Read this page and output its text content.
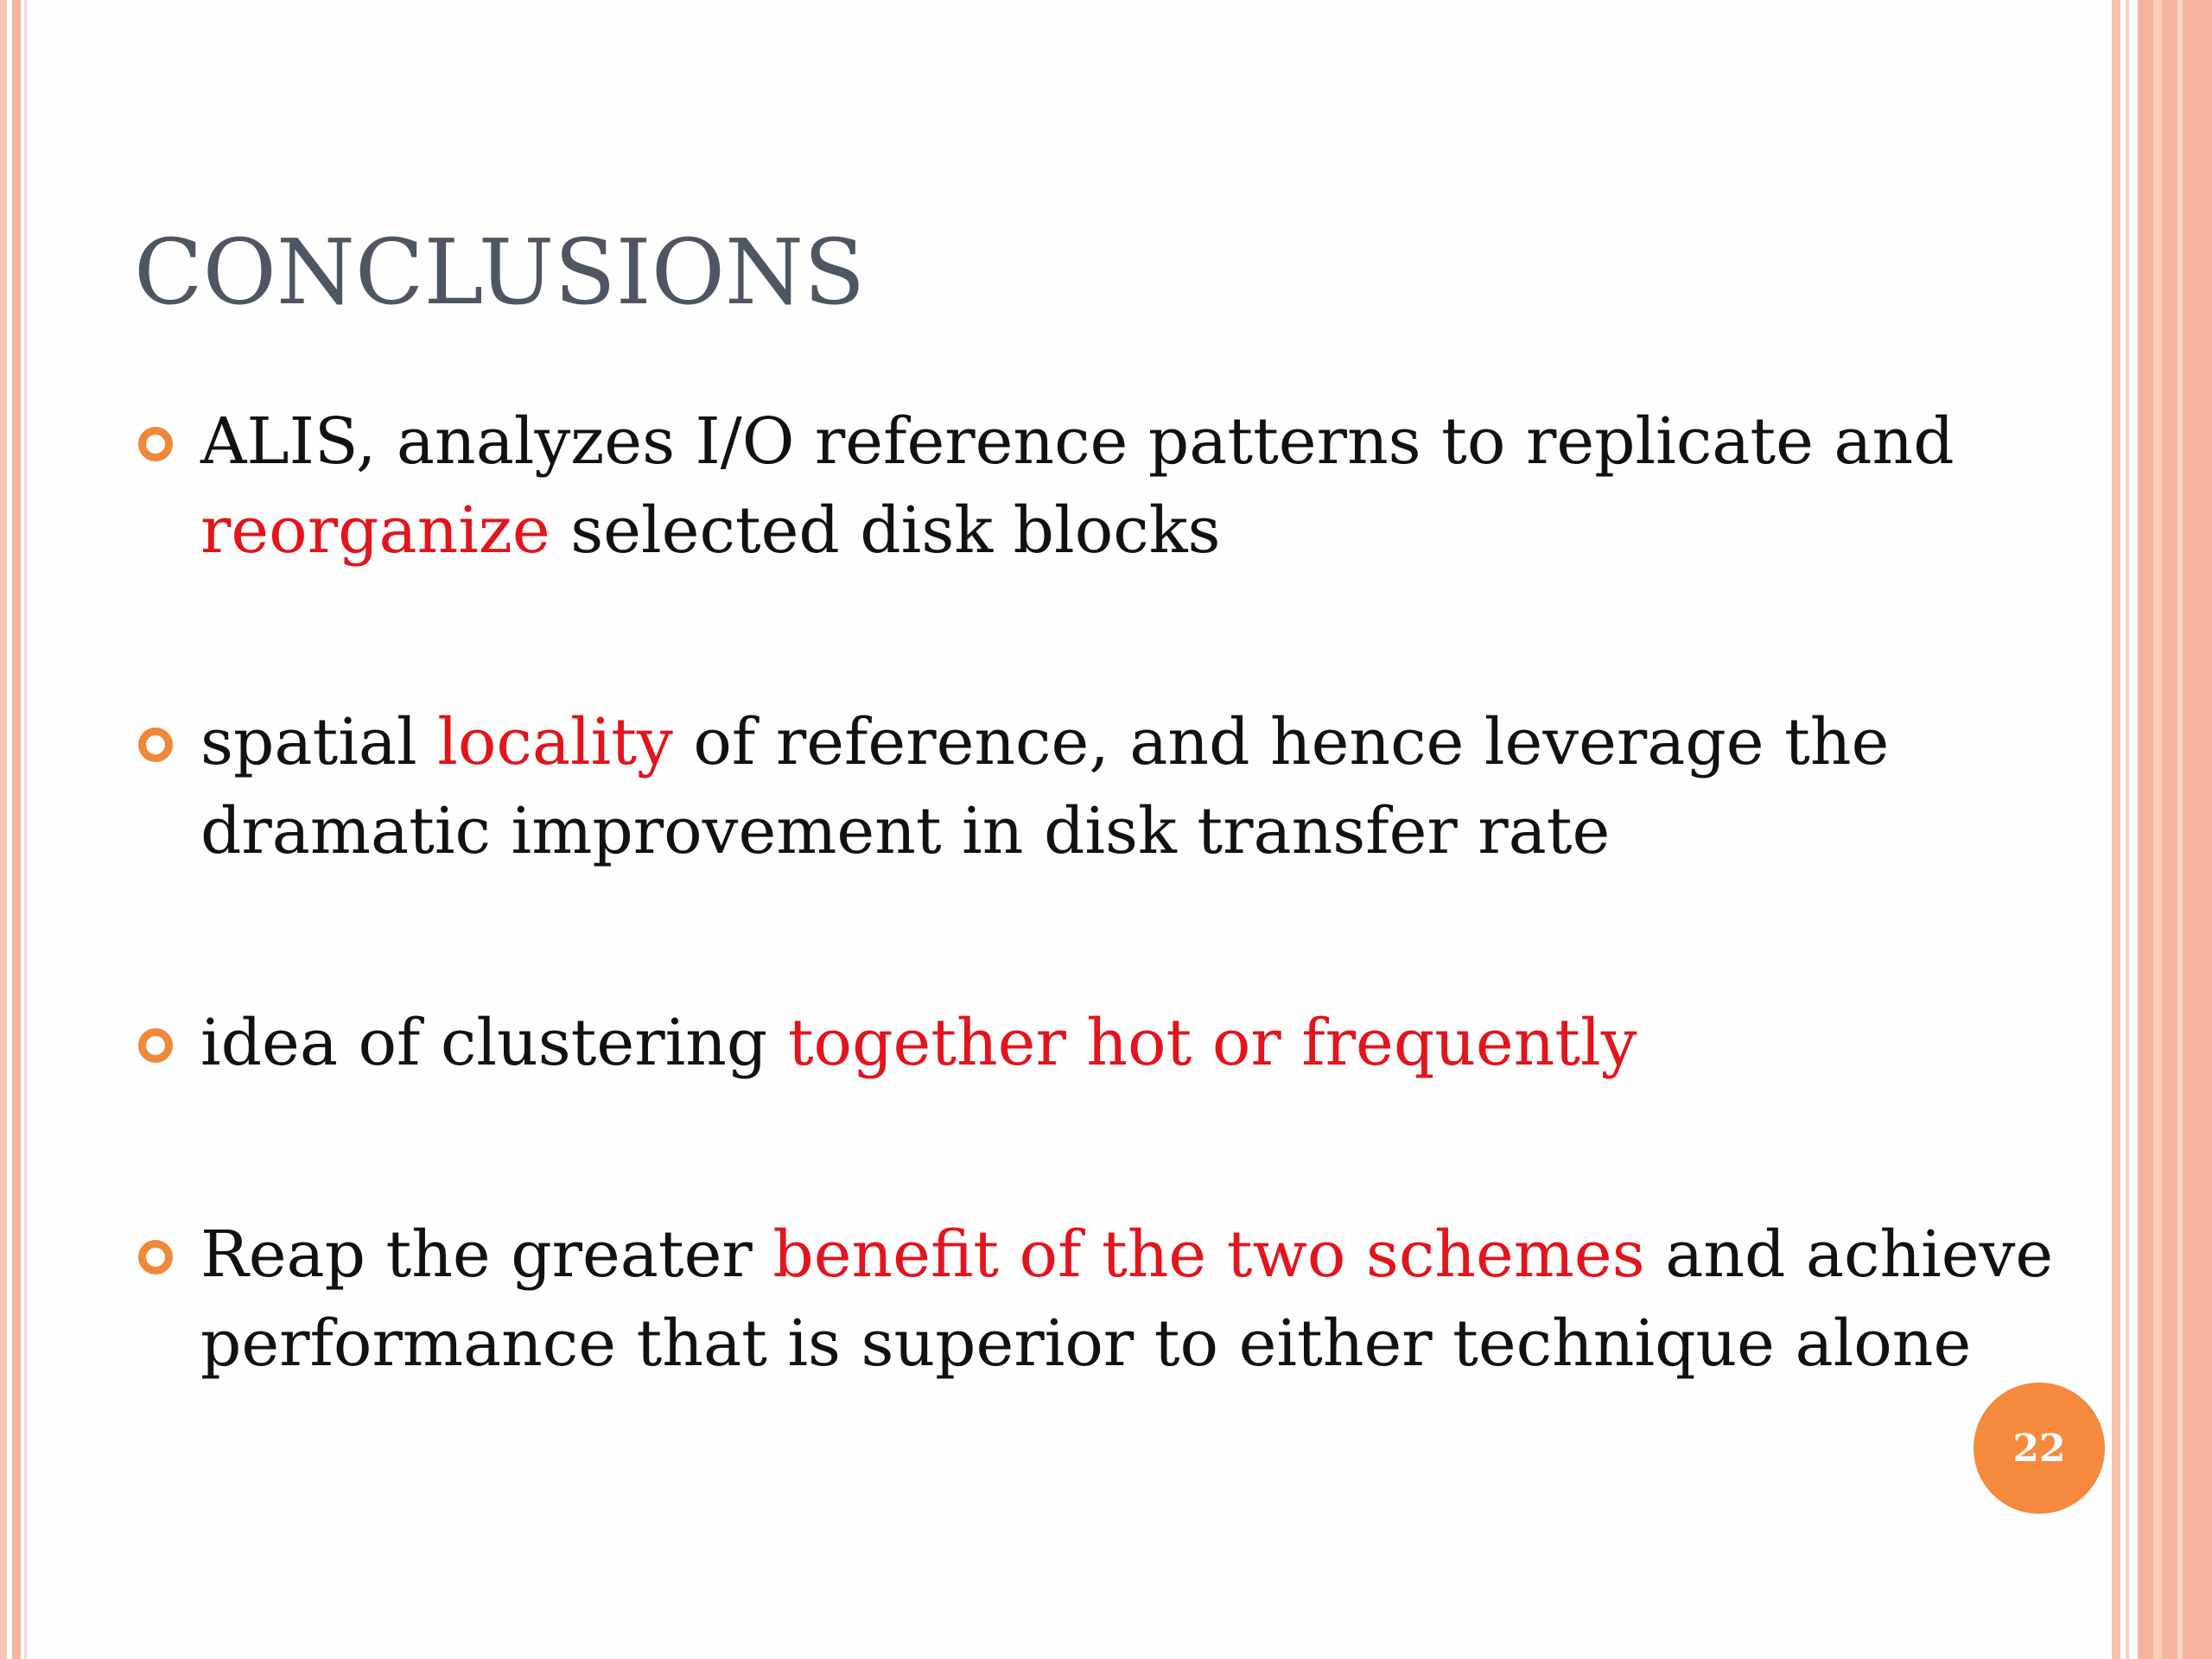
CONCLUSIONS
ALIS, analyzes I/O reference patterns to replicate and reorganize selected disk blocks
spatial locality of reference, and hence leverage the dramatic improvement in disk transfer rate
idea of clustering together hot or frequently
Reap the greater benefit of the two schemes and achieve performance that is superior to either technique alone
22
